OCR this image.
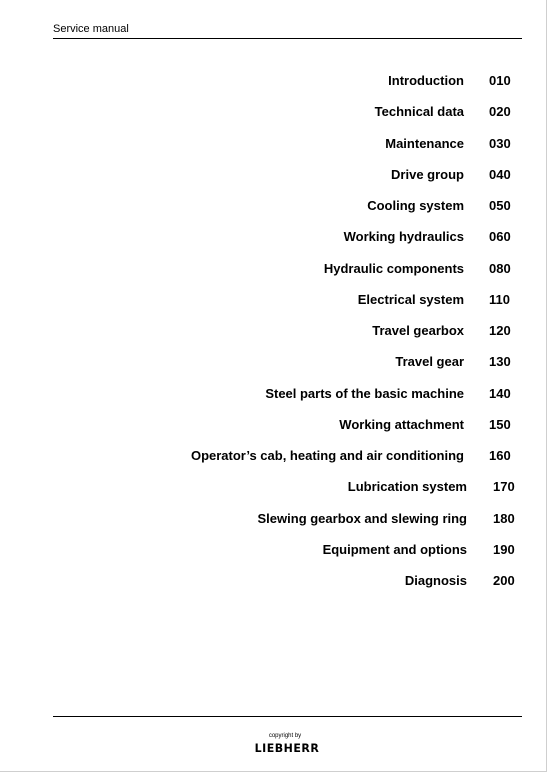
Service manual
Introduction 010
Technical data 020
Maintenance 030
Drive group 040
Cooling system 050
Working hydraulics 060
Hydraulic components 080
Electrical system 110
Travel gearbox 120
Travel gear 130
Steel parts of the basic machine 140
Working attachment 150
Operator’s cab, heating and air conditioning 160
Lubrication system 170
Slewing gearbox and slewing ring 180
Equipment and options 190
Diagnosis 200
copyright by
LIEBHERR
